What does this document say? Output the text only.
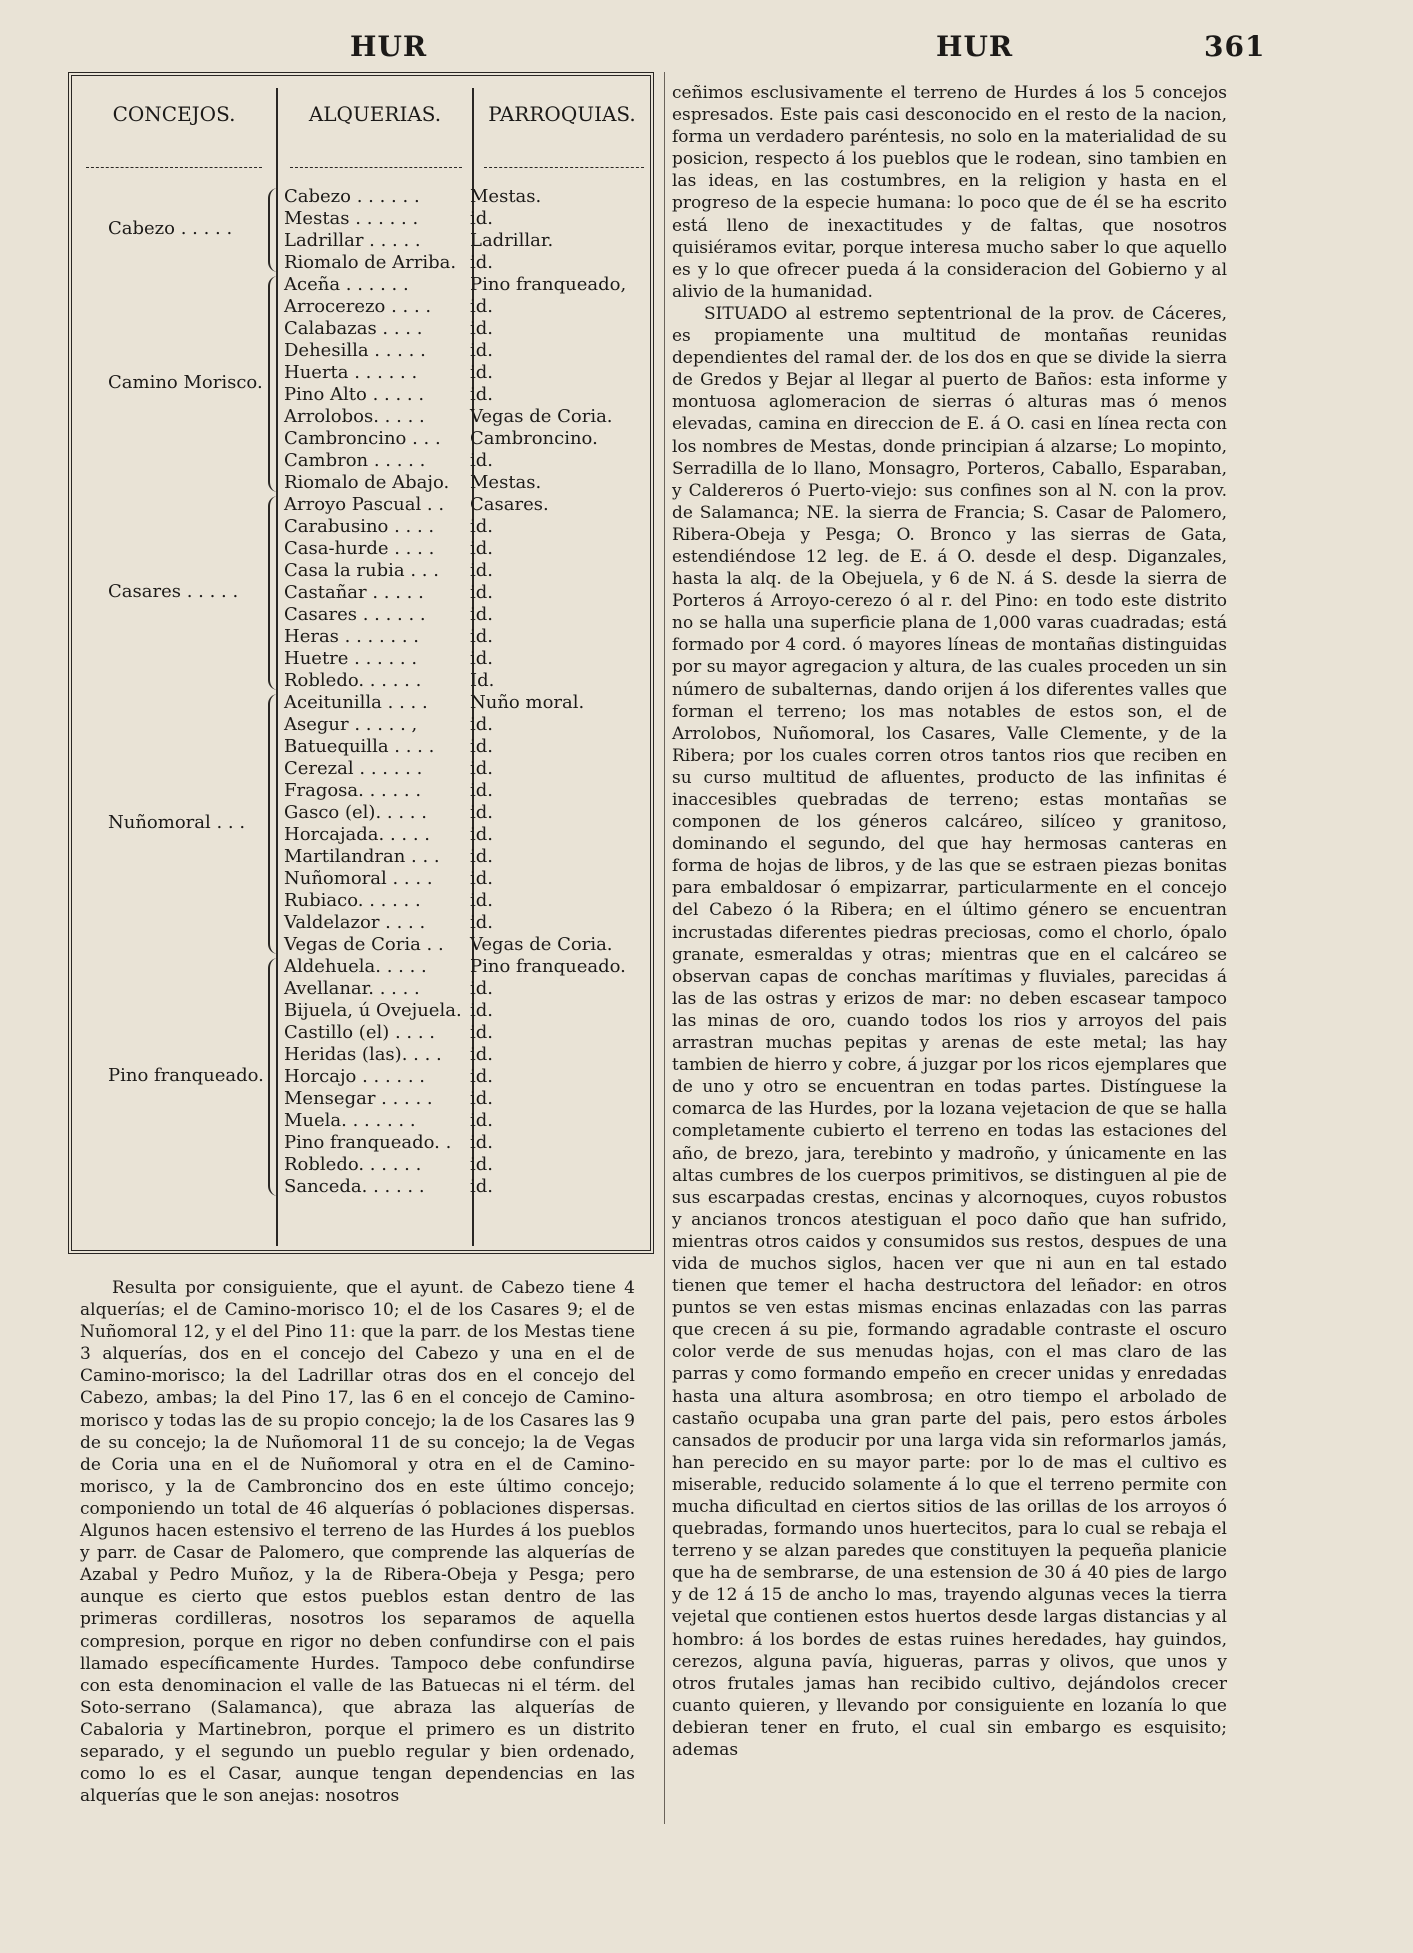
HUR	HUR	361
CONCEJOS.	ALQUERIAS.	PARROQUIAS.
Cabezo . . . . .
Cabezo . . . . . .	Mestas.
Mestas . . . . . .	id.
Ladrillar . . . . .	Ladrillar.
Riomalo de Arriba. id.
Camino Morisco.
Aceña . . . . . .	Pino franqueado,
Arrocerezo . . . . id.
Calabazas . . . .	id.
Dehesilla . . . . . id.
Huerta . . . . . .	id.
Pino Alto . . . . .	id.
Arrolobos. . . . .	Vegas de Coria.
Cambroncino . . . Cambroncino.
Cambron . . . . . id.
Riomalo de Abajo. Mestas.
Casares . . . . .
Arroyo Pascual . . Casares.
Carabusino . . . . id.
Casa-hurde . . . . id.
Casa la rubia . . . id.
Castañar . . . . .	id.
Casares . . . . . . id.
Heras . . . . . . .	id.
Huetre . . . . . .	id.
Robledo. . . . . .	Id.
Nuñomoral . . .
Aceitunilla . . . . Nuño moral.
Asegur . . . . . ,	id.
Batuequilla . . . . id.
Cerezal . . . . . .	id.
Fragosa. . . . . .	id.
Gasco (el). . . . . id.
Horcajada. . . . . id.
Martilandran . . . id.
Nuñomoral . . . . id.
Rubiaco. . . . . .	id.
Valdelazor . . . . id.
Vegas de Coria . . Vegas de Coria.
Pino franqueado.
Aldehuela. . . . . Pino franqueado.
Avellanar. . . . .	id.
Bijuela, ú Ovejuela. id.
Castillo (el) . . . . id.
Heridas (las). . . . id.
Horcajo . . . . . . id.
Mensegar . . . . . id.
Muela. . . . . . .	id.
Pino franqueado. . id.
Robledo. . . . . .	id.
Sanceda. . . . . .	id.

Resulta por consiguiente, que el ayunt. de Cabezo tiene 4 alquerías; el de Camino-morisco 10; el de los Casares 9; el de Nuñomoral 12, y el del Pino 11: que la parr. de los Mestas tiene 3 alquerías, dos en el concejo del Cabezo y una en el de Camino-morisco; la del Ladrillar otras dos en el concejo del Cabezo, ambas; la del Pino 17, las 6 en el concejo de Camino-morisco y todas las de su propio concejo; la de los Casares las 9 de su concejo; la de Nuñomoral 11 de su concejo; la de Vegas de Coria una en el de Nuñomoral y otra en el de Camino-morisco, y la de Cambroncino dos en este último concejo; componiendo un total de 46 alquerías ó poblaciones dispersas. Algunos hacen estensivo el terreno de las Hurdes á los pueblos y parr. de Casar de Palomero, que comprende las alquerías de Azabal y Pedro Muñoz, y la de Ribera-Obeja y Pesga; pero aunque es cierto que estos pueblos estan dentro de las primeras cordilleras, nosotros los separamos de aquella compresion, porque en rigor no deben confundirse con el pais llamado específicamente Hurdes. Tampoco debe confundirse con esta denominacion el valle de las Batuecas ni el térm. del Soto-serrano (Salamanca), que abraza las alquerías de Cabaloria y Martinebron, porque el primero es un distrito separado, y el segundo un pueblo regular y bien ordenado, como lo es el Casar, aunque tengan dependencias en las alquerías que le son anejas: nosotros

ceñimos esclusivamente el terreno de Hurdes á los 5 concejos espresados. Este pais casi desconocido en el resto de la nacion, forma un verdadero paréntesis, no solo en la materialidad de su posicion, respecto á los pueblos que le rodean, sino tambien en las ideas, en las costumbres, en la religion y hasta en el progreso de la especie humana: lo poco que de él se ha escrito está lleno de inexactitudes y de faltas, que nosotros quisiéramos evitar, porque interesa mucho saber lo que aquello es y lo que ofrecer pueda á la consideracion del Gobierno y al alivio de la humanidad.

SITUADO al estremo septentrional de la prov. de Cáceres, es propiamente una multitud de montañas reunidas dependientes del ramal der. de los dos en que se divide la sierra de Gredos y Bejar al llegar al puerto de Baños: esta informe y montuosa aglomeracion de sierras ó alturas mas ó menos elevadas, camina en direccion de E. á O. casi en línea recta con los nombres de Mestas, donde principian á alzarse; Lo mopinto, Serradilla de lo llano, Monsagro, Porteros, Caballo, Esparaban, y Caldereros ó Puerto-viejo: sus confines son al N. con la prov. de Salamanca; NE. la sierra de Francia; S. Casar de Palomero, Ribera-Obeja y Pesga; O. Bronco y las sierras de Gata, estendiéndose 12 leg. de E. á O. desde el desp. Diganzales, hasta la alq. de la Obejuela, y 6 de N. á S. desde la sierra de Porteros á Arroyo-cerezo ó al r. del Pino: en todo este distrito no se halla una superficie plana de 1,000 varas cuadradas; está formado por 4 cord. ó mayores líneas de montañas distinguidas por su mayor agregacion y altura, de las cuales proceden un sin número de subalternas, dando orijen á los diferentes valles que forman el terreno; los mas notables de estos son, el de Arrolobos, Nuñomoral, los Casares, Valle Clemente, y de la Ribera; por los cuales corren otros tantos rios que reciben en su curso multitud de afluentes, producto de las infinitas é inaccesibles quebradas de terreno; estas montañas se componen de los géneros calcáreo, silíceo y granitoso, dominando el segundo, del que hay hermosas canteras en forma de hojas de libros, y de las que se estraen piezas bonitas para embaldosar ó empizarrar, particularmente en el concejo del Cabezo ó la Ribera; en el último género se encuentran incrustadas diferentes piedras preciosas, como el chorlo, ópalo granate, esmeraldas y otras; mientras que en el calcáreo se observan capas de conchas marítimas y fluviales, parecidas á las de las ostras y erizos de mar: no deben escasear tampoco las minas de oro, cuando todos los rios y arroyos del pais arrastran muchas pepitas y arenas de este metal; las hay tambien de hierro y cobre, á juzgar por los ricos ejemplares que de uno y otro se encuentran en todas partes. Distínguese la comarca de las Hurdes, por la lozana vejetacion de que se halla completamente cubierto el terreno en todas las estaciones del año, de brezo, jara, terebinto y madroño, y únicamente en las altas cumbres de los cuerpos primitivos, se distinguen al pie de sus escarpadas crestas, encinas y alcornoques, cuyos robustos y ancianos troncos atestiguan el poco daño que han sufrido, mientras otros caidos y consumidos sus restos, despues de una vida de muchos siglos, hacen ver que ni aun en tal estado tienen que temer el hacha destructora del leñador: en otros puntos se ven estas mismas encinas enlazadas con las parras que crecen á su pie, formando agradable contraste el oscuro color verde de sus menudas hojas, con el mas claro de las parras y como formando empeño en crecer unidas y enredadas hasta una altura asombrosa; en otro tiempo el arbolado de castaño ocupaba una gran parte del pais, pero estos árboles cansados de producir por una larga vida sin reformarlos jamás, han perecido en su mayor parte: por lo de mas el cultivo es miserable, reducido solamente á lo que el terreno permite con mucha dificultad en ciertos sitios de las orillas de los arroyos ó quebradas, formando unos huertecitos, para lo cual se rebaja el terreno y se alzan paredes que constituyen la pequeña planicie que ha de sembrarse, de una estension de 30 á 40 pies de largo y de 12 á 15 de ancho lo mas, trayendo algunas veces la tierra vejetal que contienen estos huertos desde largas distancias y al hombro: á los bordes de estas ruines heredades, hay guindos, cerezos, alguna pavía, higueras, parras y olivos, que unos y otros frutales jamas han recibido cultivo, dejándolos crecer cuanto quieren, y llevando por consiguiente en lozanía lo que debieran tener en fruto, el cual sin embargo es esquisito; ademas
